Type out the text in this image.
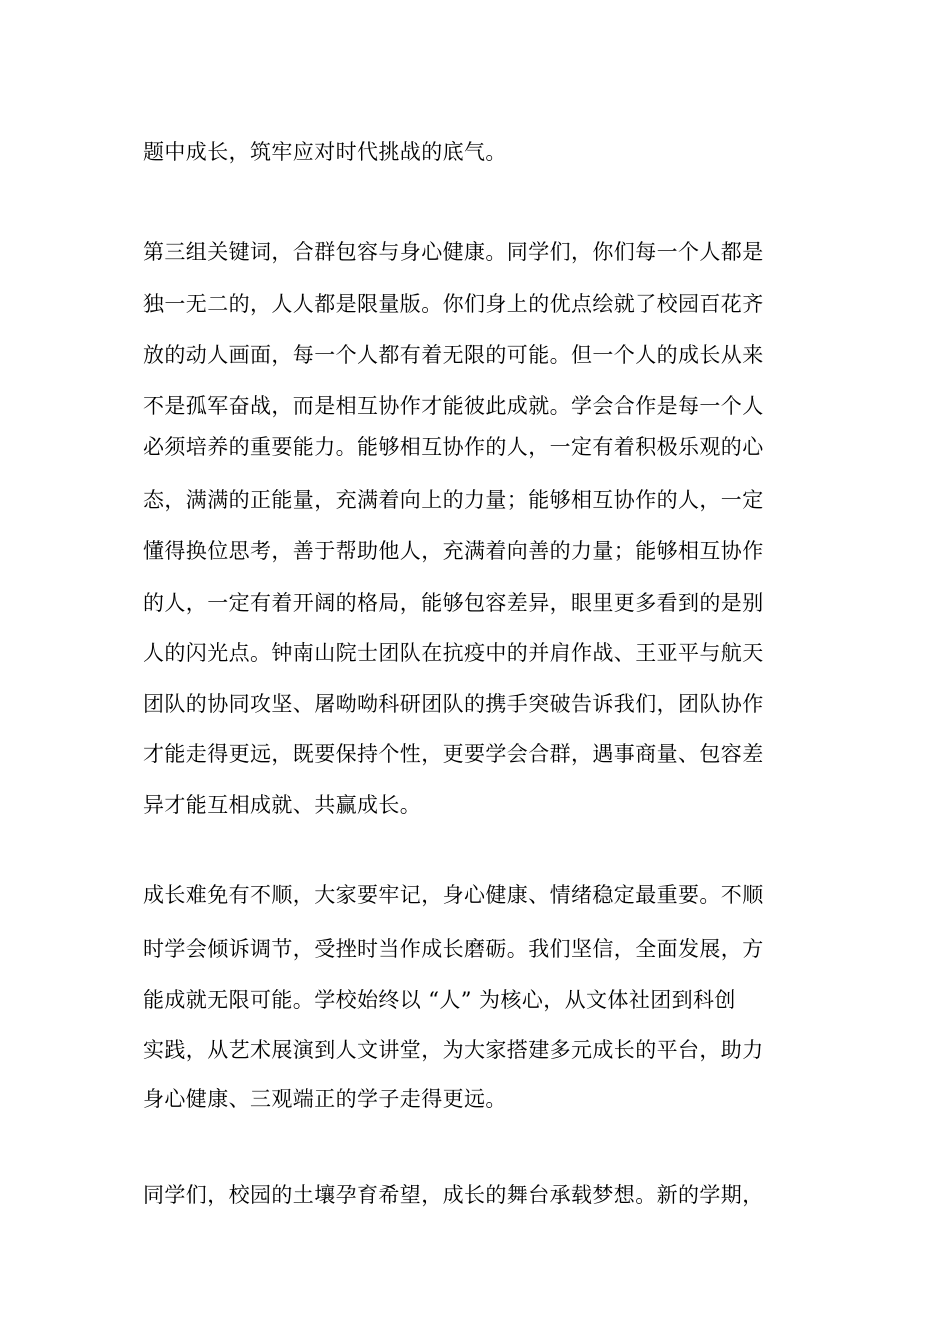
题中成长，筑牢应对时代挑战的底气。
第三组关键词，合群包容与身心健康。同学们，你们每一个人都是
独一无二的，人人都是限量版。你们身上的优点绘就了校园百花齐
放的动人画面，每一个人都有着无限的可能。但一个人的成长从来
不是孤军奋战，而是相互协作才能彼此成就。学会合作是每一个人
必须培养的重要能力。能够相互协作的人，一定有着积极乐观的心
态，满满的正能量，充满着向上的力量；能够相互协作的人，一定
懂得换位思考，善于帮助他人，充满着向善的力量；能够相互协作
的人，一定有着开阔的格局，能够包容差异，眼里更多看到的是别
人的闪光点。钟南山院士团队在抗疫中的并肩作战、王亚平与航天
团队的协同攻坚、屠呦呦科研团队的携手突破告诉我们，团队协作
才能走得更远，既要保持个性，更要学会合群，遇事商量、包容差
异才能互相成就、共赢成长。
成长难免有不顺，大家要牢记，身心健康、情绪稳定最重要。不顺
时学会倾诉调节，受挫时当作成长磨砺。我们坚信，全面发展，方
能成就无限可能。学校始终以 “人” 为核心，从文体社团到科创
实践，从艺术展演到人文讲堂，为大家搭建多元成长的平台，助力
身心健康、三观端正的学子走得更远。
同学们，校园的土壤孕育希望，成长的舞台承载梦想。新的学期，
